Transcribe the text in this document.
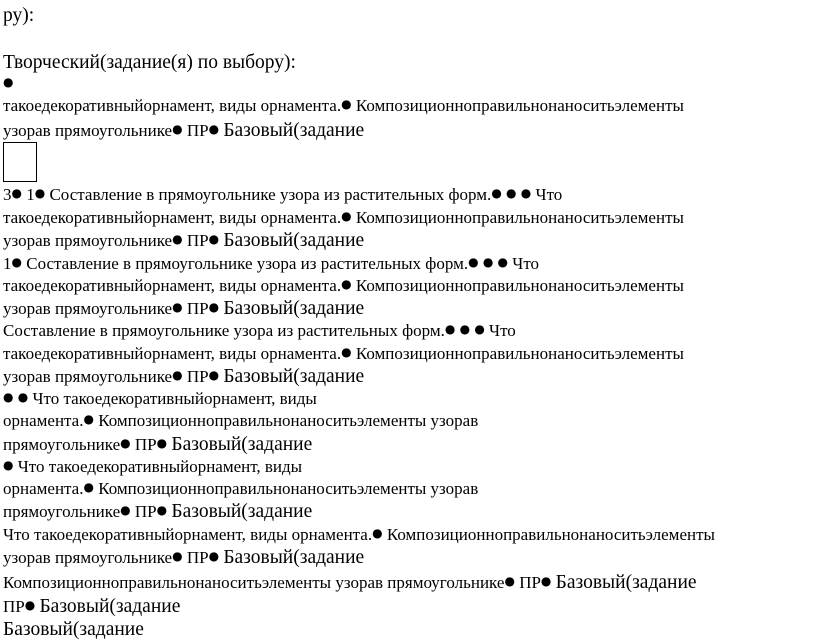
ру):

Творческий(задание(я) по выбору):

●

такоедекоративныйорнамент, виды орнамента.● Композиционноправильнонаноситьэлементы

узорав прямоугольнике● ПР● Базовый(задание

3● 1● Составление в прямоугольнике узора из растительных форм.● ● ● Что

такоедекоративныйорнамент, виды орнамента.● Композиционноправильнонаноситьэлементы

узорав прямоугольнике● ПР● Базовый(задание

1● Составление в прямоугольнике узора из растительных форм.● ● ● Что

такоедекоративныйорнамент, виды орнамента.● Композиционноправильнонаноситьэлементы

узорав прямоугольнике● ПР● Базовый(задание

Составление в прямоугольнике узора из растительных форм.● ● ● Что

такоедекоративныйорнамент, виды орнамента.● Композиционноправильнонаноситьэлементы

узорав прямоугольнике● ПР● Базовый(задание

● ● Что такоедекоративныйорнамент, виды

орнамента.● Композиционноправильнонаноситьэлементы узорав

прямоугольнике● ПР● Базовый(задание

● Что такоедекоративныйорнамент, виды

орнамента.● Композиционноправильнонаноситьэлементы узорав

прямоугольнике● ПР● Базовый(задание

Что такоедекоративныйорнамент, виды орнамента.● Композиционноправильнонаноситьэлементы

узорав прямоугольнике● ПР● Базовый(задание

Композиционноправильнонаноситьэлементы узорав прямоугольнике● ПР● Базовый(задание

ПР● Базовый(задание

Базовый(задание
